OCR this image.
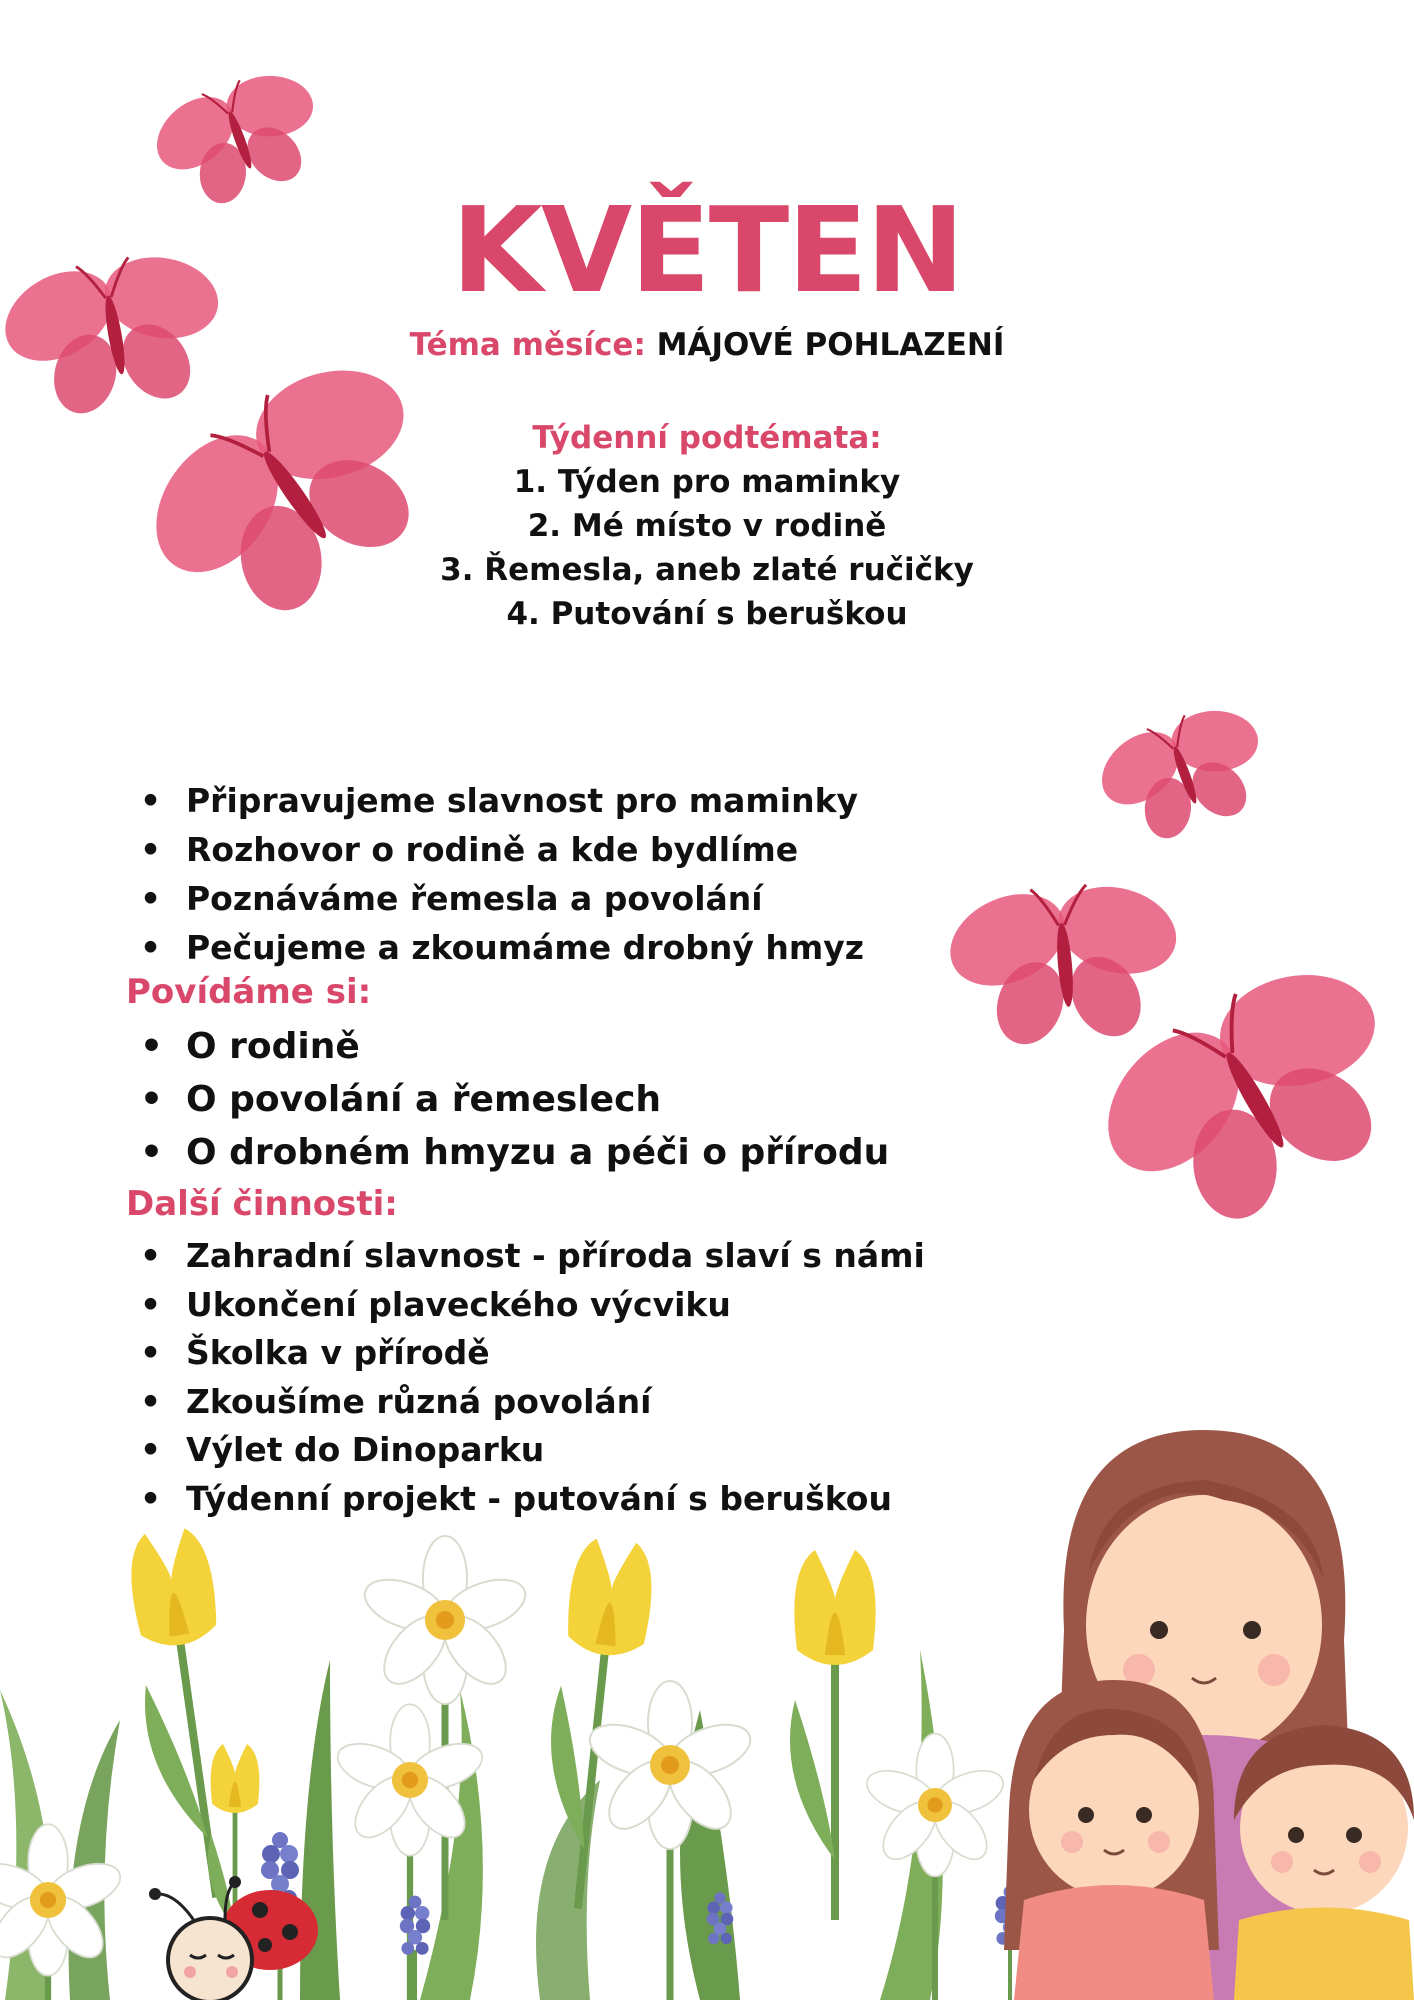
KVĚTEN
Téma měsíce: MÁJOVÉ POHLAZENÍ
Týdenní podtémata:
1. Týden pro maminky
2. Mé místo v rodině
3. Řemesla, aneb zlaté ručičky
4. Putování s beruškou
• Připravujeme slavnost pro maminky
• Rozhovor o rodině a kde bydlíme
• Poznáváme řemesla a povolání
• Pečujeme a zkoumáme drobný hmyz
Povídáme si:
• O rodině
• O povolání a řemeslech
• O drobném hmyzu a péči o přírodu
Další činnosti:
• Zahradní slavnost - příroda slaví s námi
• Ukončení plaveckého výcviku
• Školka v přírodě
• Zkoušíme různá povolání
• Výlet do Dinoparku
• Týdenní projekt - putování s beruškou
